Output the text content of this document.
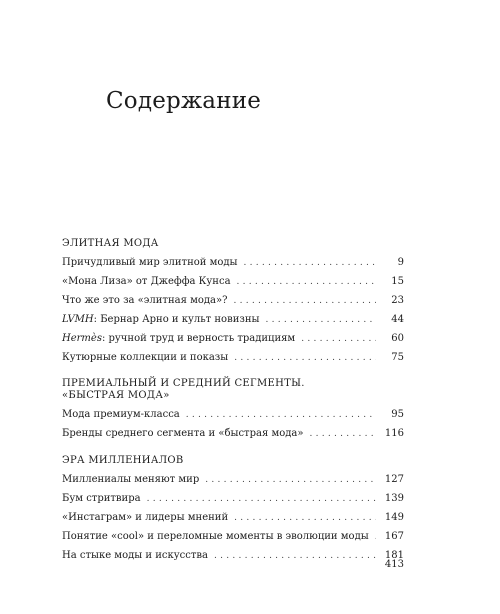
Содержание
ЭЛИТНАЯ МОДА
Причудливый мир элитной моды . . .	9
«Мона Лиза» от Джеффа Кунса . . .	15
Что же это за «элитная мода»? . . .	23
LVMH: Бернар Арно и культ новизны . . .	44
Hermès: ручной труд и верность традициям . . .	60
Кутюрные коллекции и показы . . .	75
ПРЕМИАЛЬНЫЙ И СРЕДНИЙ СЕГМЕНТЫ.
«БЫСТРАЯ МОДА»
Мода премиум-класса . . .	95
Бренды среднего сегмента и «быстрая мода» . . .	116
ЭРА МИЛЛЕНИАЛОВ
Миллениалы меняют мир . . .	127
Бум стритвира . . .	139
«Инстаграм» и лидеры мнений . . .	149
Понятие «cool» и переломные моменты в эволюции моды . . . 167
На стыке моды и искусства . . .	181
413
